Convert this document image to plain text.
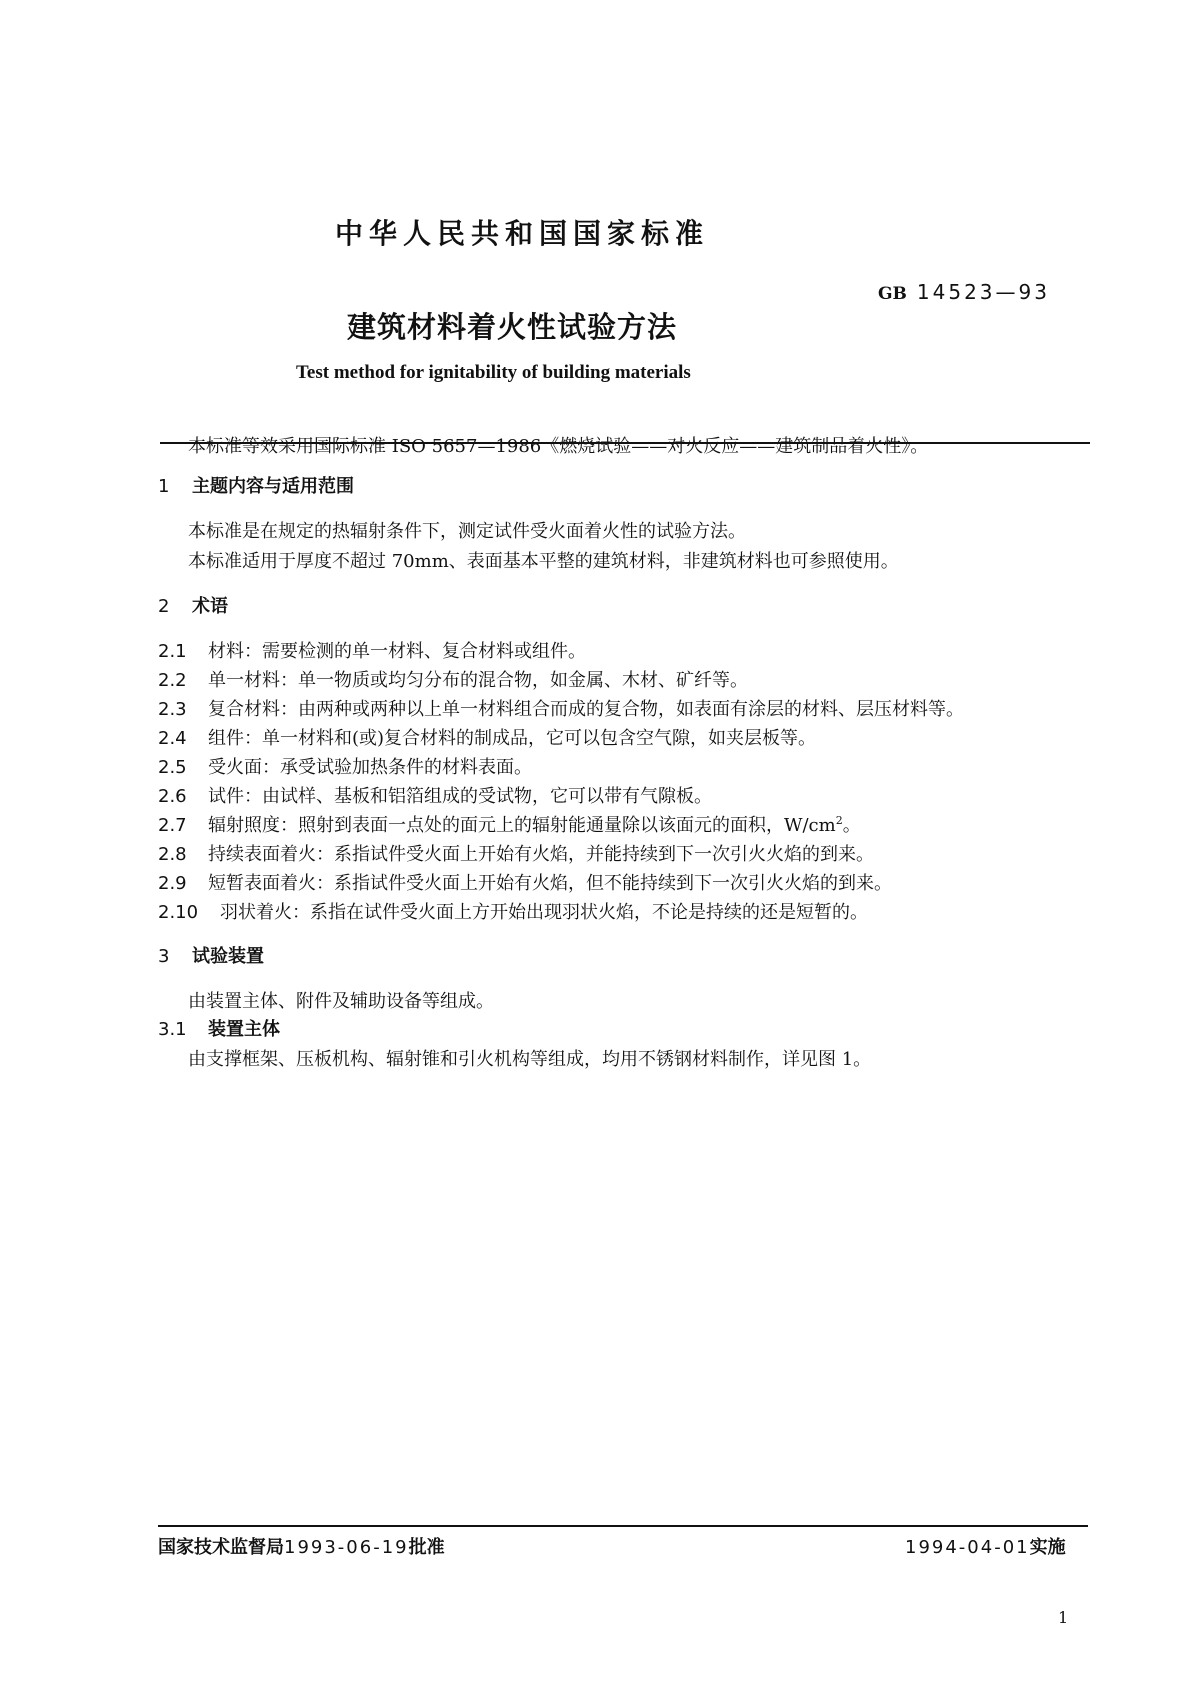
中华人民共和国国家标准
GB 14523—93
建筑材料着火性试验方法
Test method for ignitability of building materials
本标准等效采用国际标准 ISO 5657—1986《燃烧试验——对火反应——建筑制品着火性》。
1 主题内容与适用范围
本标准是在规定的热辐射条件下，测定试件受火面着火性的试验方法。
本标准适用于厚度不超过 70mm、表面基本平整的建筑材料，非建筑材料也可参照使用。
2 术语
2.1 材料：需要检测的单一材料、复合材料或组件。
2.2 单一材料：单一物质或均匀分布的混合物，如金属、木材、矿纤等。
2.3 复合材料：由两种或两种以上单一材料组合而成的复合物，如表面有涂层的材料、层压材料等。
2.4 组件：单一材料和(或)复合材料的制成品，它可以包含空气隙，如夹层板等。
2.5 受火面：承受试验加热条件的材料表面。
2.6 试件：由试样、基板和铝箔组成的受试物，它可以带有气隙板。
2.7 辐射照度：照射到表面一点处的面元上的辐射能通量除以该面元的面积，$W/cm^2$。
2.8 持续表面着火：系指试件受火面上开始有火焰，并能持续到下一次引火火焰的到来。
2.9 短暂表面着火：系指试件受火面上开始有火焰，但不能持续到下一次引火火焰的到来。
2.10 羽状着火：系指在试件受火面上方开始出现羽状火焰，不论是持续的还是短暂的。
3 试验装置
由装置主体、附件及辅助设备等组成。
3.1 装置主体
由支撑框架、压板机构、辐射锥和引火机构等组成，均用不锈钢材料制作，详见图 1。
国家技术监督局1993-06-19批准	1994-04-01实施
1
